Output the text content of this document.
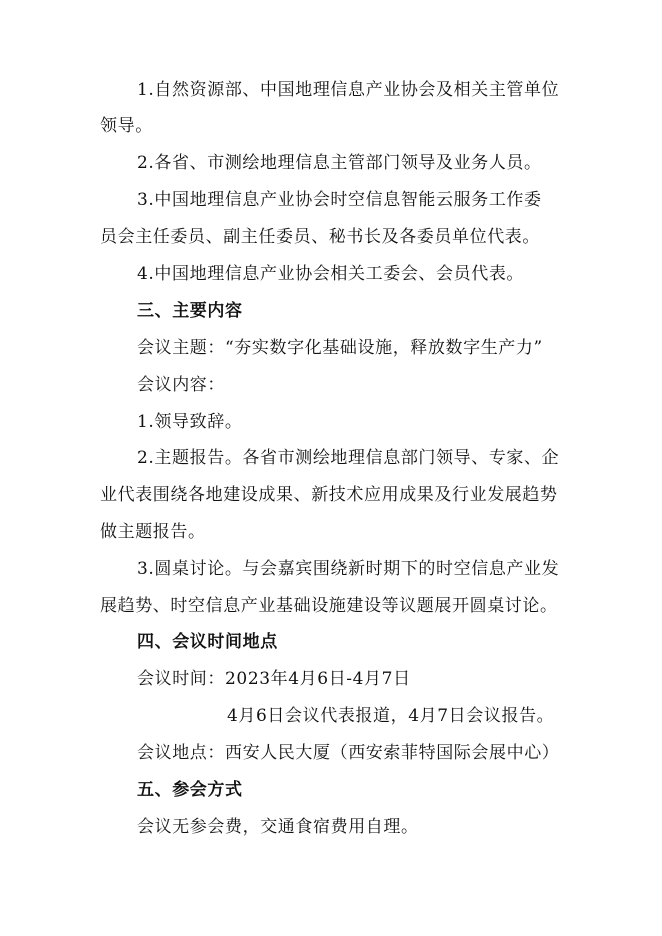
1.自然资源部、中国地理信息产业协会及相关主管单位
领导。
2.各省、市测绘地理信息主管部门领导及业务人员。
3.中国地理信息产业协会时空信息智能云服务工作委
员会主任委员、副主任委员、秘书长及各委员单位代表。
4.中国地理信息产业协会相关工委会、会员代表。
三、主要内容
会议主题：“夯实数字化基础设施，释放数字生产力”
会议内容：
1.领导致辞。
2.主题报告。各省市测绘地理信息部门领导、专家、企
业代表围绕各地建设成果、新技术应用成果及行业发展趋势
做主题报告。
3.圆桌讨论。与会嘉宾围绕新时期下的时空信息产业发
展趋势、时空信息产业基础设施建设等议题展开圆桌讨论。
四、会议时间地点
会议时间：2023年4月6日-4月7日
4月6日会议代表报道，4月7日会议报告。
会议地点：西安人民大厦（西安索菲特国际会展中心）
五、参会方式
会议无参会费，交通食宿费用自理。
